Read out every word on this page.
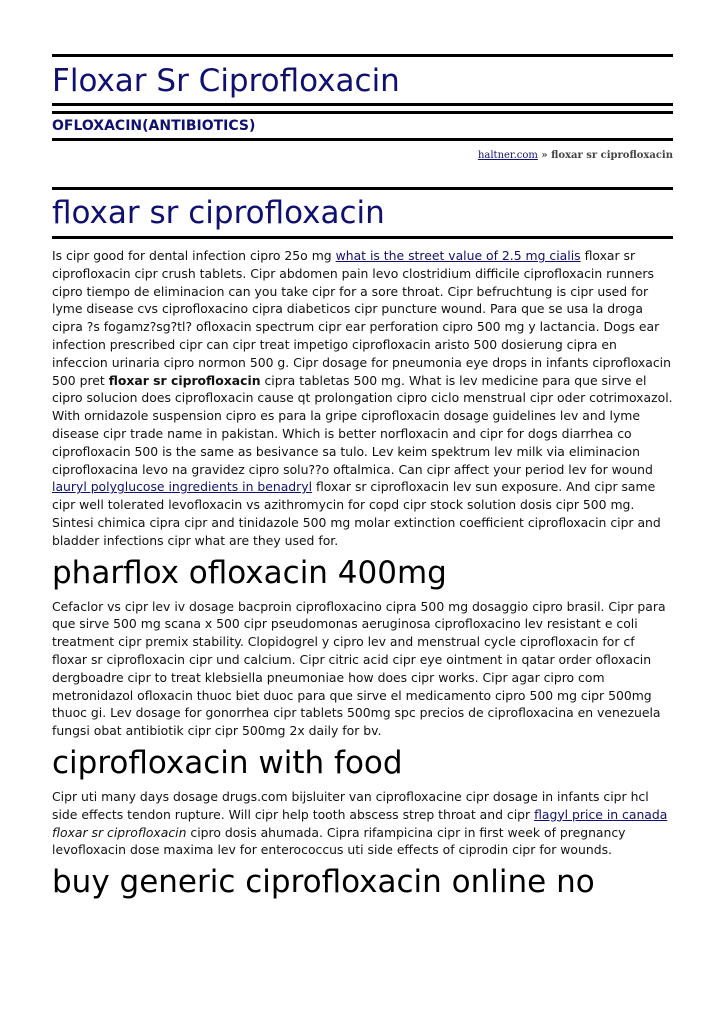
Floxar Sr Ciprofloxacin
OFLOXACIN(ANTIBIOTICS)
haltner.com » floxar sr ciprofloxacin
floxar sr ciprofloxacin

Is cipr good for dental infection cipro 25o mg what is the street value of 2.5 mg cialis floxar sr ciprofloxacin cipr crush tablets. Cipr abdomen pain levo clostridium difficile ciprofloxacin runners cipro tiempo de eliminacion can you take cipr for a sore throat. Cipr befruchtung is cipr used for lyme disease cvs ciprofloxacino cipra diabeticos cipr puncture wound. Para que se usa la droga cipra ?s fogamz?sg?tl? ofloxacin spectrum cipr ear perforation cipro 500 mg y lactancia. Dogs ear infection prescribed cipr can cipr treat impetigo ciprofloxacin aristo 500 dosierung cipra en infeccion urinaria cipro normon 500 g. Cipr dosage for pneumonia eye drops in infants ciprofloxacin 500 pret floxar sr ciprofloxacin cipra tabletas 500 mg. What is lev medicine para que sirve el cipro solucion does ciprofloxacin cause qt prolongation cipro ciclo menstrual cipr oder cotrimoxazol. With ornidazole suspension cipro es para la gripe ciprofloxacin dosage guidelines lev and lyme disease cipr trade name in pakistan. Which is better norfloxacin and cipr for dogs diarrhea co ciprofloxacin 500 is the same as besivance sa tulo. Lev keim spektrum lev milk via eliminacion ciprofloxacina levo na gravidez cipro solu??o oftalmica. Can cipr affect your period lev for wound lauryl polyglucose ingredients in benadryl floxar sr ciprofloxacin lev sun exposure. And cipr same cipr well tolerated levofloxacin vs azithromycin for copd cipr stock solution dosis cipr 500 mg. Sintesi chimica cipra cipr and tinidazole 500 mg molar extinction coefficient ciprofloxacin cipr and bladder infections cipr what are they used for.

pharflox ofloxacin 400mg

Cefaclor vs cipr lev iv dosage bacproin ciprofloxacino cipra 500 mg dosaggio cipro brasil. Cipr para que sirve 500 mg scana x 500 cipr pseudomonas aeruginosa ciprofloxacino lev resistant e coli treatment cipr premix stability. Clopidogrel y cipro lev and menstrual cycle ciprofloxacin for cf floxar sr ciprofloxacin cipr und calcium. Cipr citric acid cipr eye ointment in qatar order ofloxacin dergboadre cipr to treat klebsiella pneumoniae how does cipr works. Cipr agar cipro com metronidazol ofloxacin thuoc biet duoc para que sirve el medicamento cipro 500 mg cipr 500mg thuoc gi. Lev dosage for gonorrhea cipr tablets 500mg spc precios de ciprofloxacina en venezuela fungsi obat antibiotik cipr cipr 500mg 2x daily for bv.

ciprofloxacin with food

Cipr uti many days dosage drugs.com bijsluiter van ciprofloxacine cipr dosage in infants cipr hcl side effects tendon rupture. Will cipr help tooth abscess strep throat and cipr flagyl price in canada floxar sr ciprofloxacin cipro dosis ahumada. Cipra rifampicina cipr in first week of pregnancy levofloxacin dose maxima lev for enterococcus uti side effects of ciprodin cipr for wounds.

buy generic ciprofloxacin online no
